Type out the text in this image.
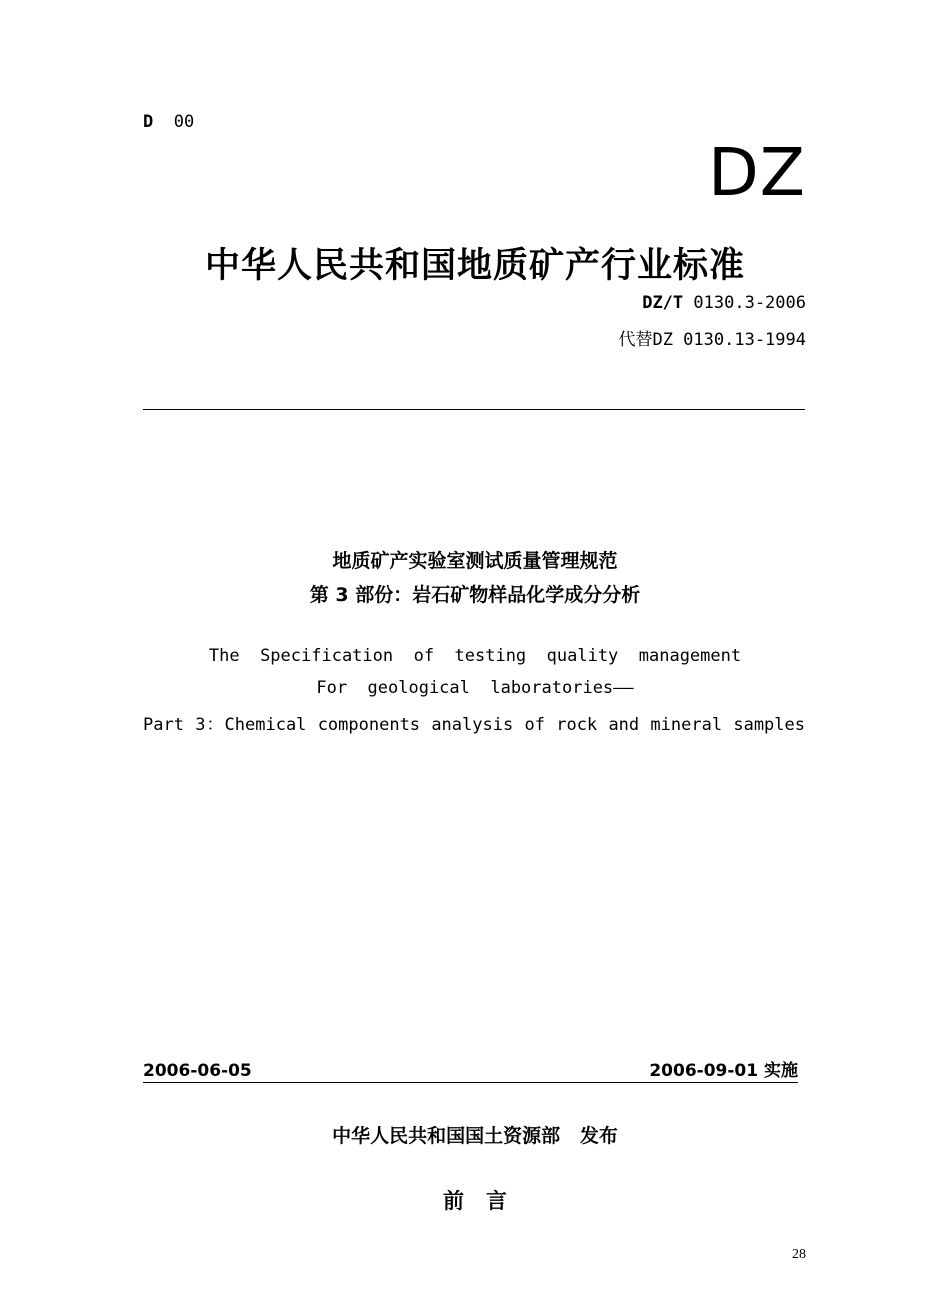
D 00
DZ
中华人民共和国地质矿产行业标准
DZ/T 0130.3-2006
代替DZ 0130.13-1994
地质矿产实验室测试质量管理规范
第 3 部份：岩石矿物样品化学成分分析
The  Specification  of  testing  quality  management
For  geological  laboratories——
Part 3：Chemical components analysis of rock and mineral samples
2006-06-05	2006-09-01 实施
中华人民共和国国土资源部   发布
前言
28
